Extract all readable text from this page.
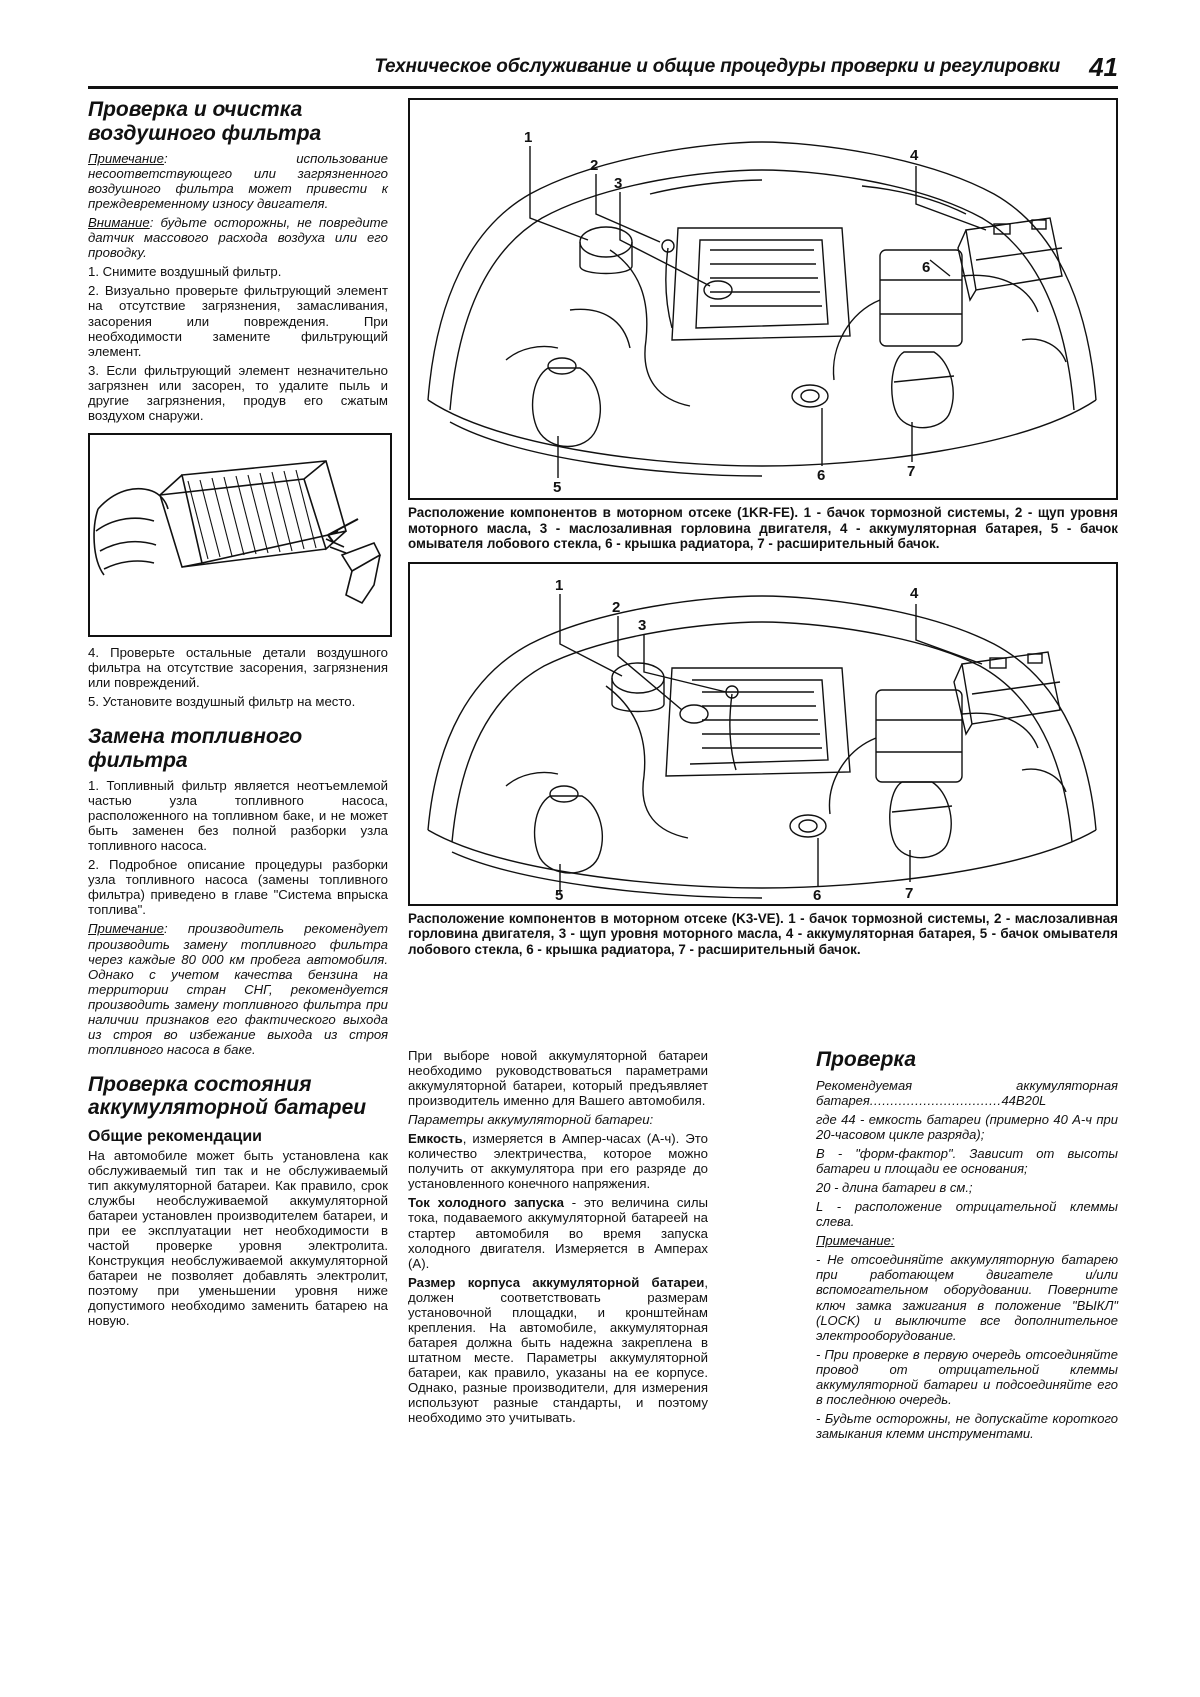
Техническое обслуживание и общие процедуры проверки и регулировки 41
Проверка и очистка воздушного фильтра

Примечание: использование несоответствующего или загрязненного воздушного фильтра может привести к преждевременному износу двигателя.

Внимание: будьте осторожны, не повредите датчик массового расхода воздуха или его проводку.

1. Снимите воздушный фильтр.

2. Визуально проверьте фильтрующий элемент на отсутствие загрязнения, замасливания, засорения или повреждения. При необходимости замените фильтрующий элемент.

3. Если фильтрующий элемент незначительно загрязнен или засорен, то удалите пыль и другие загрязнения, продув его сжатым воздухом снаружи.

4. Проверьте остальные детали воздушного фильтра на отсутствие засорения, загрязнения или повреждений.

5. Установите воздушный фильтр на место.

Замена топливного фильтра

1. Топливный фильтр является неотъемлемой частью узла топливного насоса, расположенного на топливном баке, и не может быть заменен без полной разборки узла топливного насоса.

2. Подробное описание процедуры разборки узла топливного насоса (замены топливного фильтра) приведено в главе "Система впрыска топлива".

Примечание: производитель рекомендует производить замену топливного фильтра через каждые 80 000 км пробега автомобиля. Однако с учетом качества бензина на территории стран СНГ, рекомендуется производить замену топливного фильтра при наличии признаков его фактического выхода из строя во избежание выхода из строя топливного насоса в баке.

Проверка состояния аккумуляторной батареи
Общие рекомендации

На автомобиле может быть установлена как обслуживаемый тип так и не обслуживаемый тип аккумуляторной батареи. Как правило, срок службы необслуживаемой аккумуляторной батареи установлен производителем батареи, и при ее эксплуатации нет необходимости в частой проверке уровня электролита. Конструкция необслуживаемой аккумуляторной батареи не позволяет добавлять электролит, поэтому при уменьшении уровня ниже допустимого необходимо заменить батарею на новую.

1
2
3
4
5
6	7
6
Расположение компонентов в моторном отсеке (1KR-FE). 1 - бачок тормозной системы, 2 - щуп уровня моторного масла, 3 - маслозаливная горловина двигателя, 4 - аккумуляторная батарея, 5 - бачок омывателя лобового стекла, 6 - крышка радиатора, 7 - расширительный бачок.
1
2
3
4
5	6	7
Расположение компонентов в моторном отсеке (K3-VE). 1 - бачок тормозной системы, 2 - маслозаливная горловина двигателя, 3 - щуп уровня моторного масла, 4 - аккумуляторная батарея, 5 - бачок омывателя лобового стекла, 6 - крышка радиатора, 7 - расширительный бачок.

При выборе новой аккумуляторной батареи необходимо руководствоваться параметрами аккумуляторной батареи, который предъявляет производитель именно для Вашего автомобиля.

Параметры аккумуляторной батареи:

Емкость, измеряется в Ампер-часах (А-ч). Это количество электричества, которое можно получить от аккумулятора при его разряде до установленного конечного напряжения.

Ток холодного запуска - это величина силы тока, подаваемого аккумуляторной батареей на стартер автомобиля во время запуска холодного двигателя. Измеряется в Амперах (А).

Размер корпуса аккумуляторной батареи, должен соответствовать размерам установочной площадки, и кронштейнам крепления. На автомобиле, аккумуляторная батарея должна быть надежна закреплена в штатном месте. Параметры аккумуляторной батареи, как правило, указаны на ее корпусе. Однако, разные производители, для измерения используют разные стандарты, и поэтому необходимо это учитывать.

Проверка

Рекомендуемая аккумуляторная батарея................................44B20L

где 44 - емкость батареи (примерно 40 А-ч при 20-часовом цикле разряда);

В - "форм-фактор". Зависит от высоты батареи и площади ее основания;

20 - длина батареи в см.;

L - расположение отрицательной клеммы слева.

Примечание:

- Не отсоединяйте аккумуляторную батарею при работающем двигателе и/или вспомогательном оборудовании. Поверните ключ замка зажигания в положение "ВЫКЛ" (LOCK) и выключите все дополнительное электрооборудование.

- При проверке в первую очередь отсоединяйте провод от отрицательной клеммы аккумуляторной батареи и подсоединяйте его в последнюю очередь.

- Будьте осторожны, не допускайте короткого замыкания клемм инструментами.
